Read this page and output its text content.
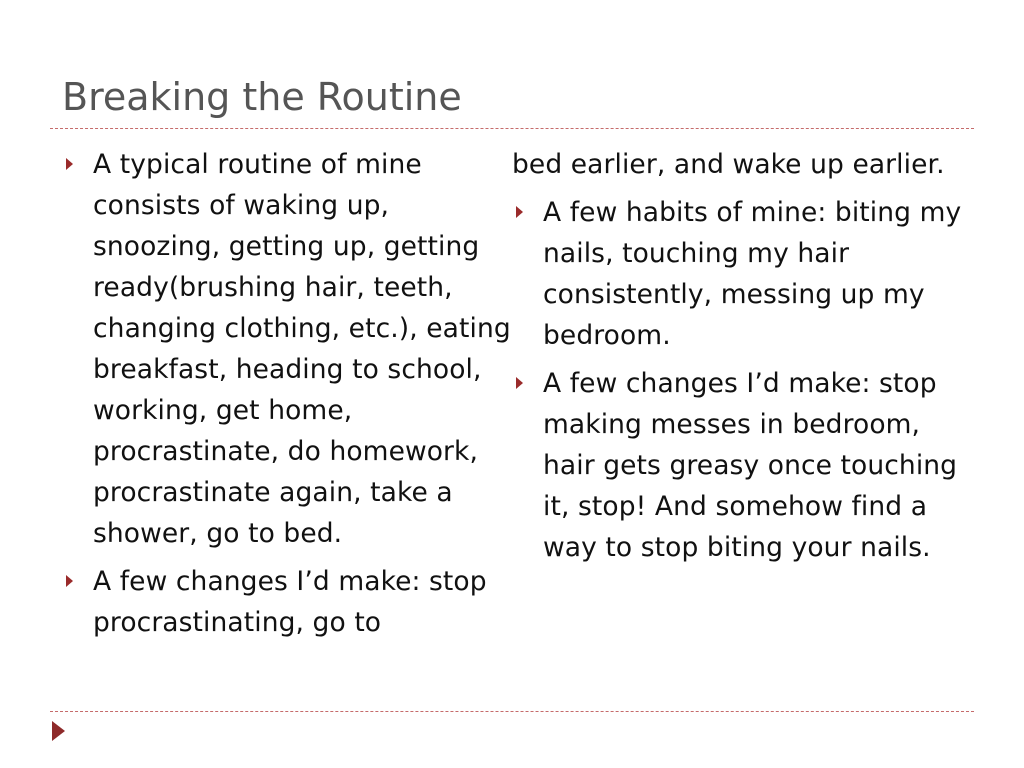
Breaking the Routine
A typical routine of mine consists of waking up, snoozing, getting up, getting ready(brushing hair, teeth, changing clothing, etc.), eating breakfast, heading to school, working, get home, procrastinate, do homework, procrastinate again, take a shower, go to bed.
A few changes I’d make: stop procrastinating, go to
bed earlier, and wake up earlier.
A few habits of mine: biting my nails, touching my hair consistently, messing up my bedroom.
A few changes I’d make: stop making messes in bedroom, hair gets greasy once touching it, stop! And somehow find a way to stop biting your nails.
